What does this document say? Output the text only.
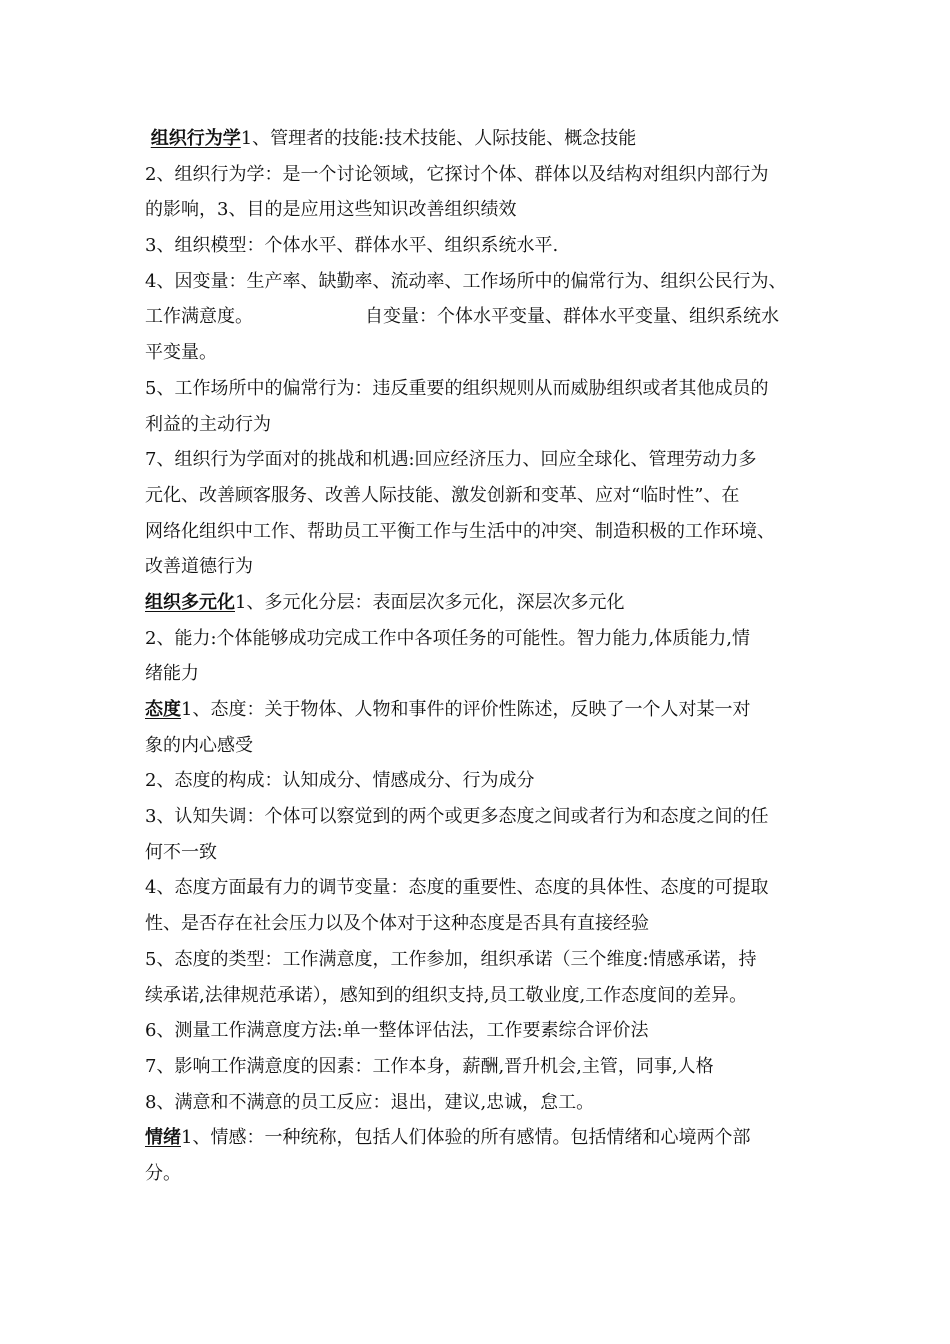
组织行为学1、管理者的技能:技术技能、人际技能、概念技能
2、组织行为学：是一个讨论领域，它探讨个体、群体以及结构对组织内部行为
的影响，3、目的是应用这些知识改善组织绩效
3、组织模型：个体水平、群体水平、组织系统水平.
4、因变量：生产率、缺勤率、流动率、工作场所中的偏常行为、组织公民行为、
工作满意度。	自变量：个体水平变量、群体水平变量、组织系统水
平变量。
5、工作场所中的偏常行为：违反重要的组织规则从而威胁组织或者其他成员的
利益的主动行为
7、组织行为学面对的挑战和机遇:回应经济压力、回应全球化、管理劳动力多
元化、改善顾客服务、改善人际技能、激发创新和变革、应对“临时性”、在
网络化组织中工作、帮助员工平衡工作与生活中的冲突、制造积极的工作环境、
改善道德行为
组织多元化1、多元化分层：表面层次多元化，深层次多元化
2、能力:个体能够成功完成工作中各项任务的可能性。智力能力,体质能力,情
绪能力
态度1、态度：关于物体、人物和事件的评价性陈述，反映了一个人对某一对
象的内心感受
2、态度的构成：认知成分、情感成分、行为成分
3、认知失调：个体可以察觉到的两个或更多态度之间或者行为和态度之间的任
何不一致
4、态度方面最有力的调节变量：态度的重要性、态度的具体性、态度的可提取
性、是否存在社会压力以及个体对于这种态度是否具有直接经验
5、态度的类型：工作满意度，工作参加，组织承诺（三个维度:情感承诺，持
续承诺,法律规范承诺），感知到的组织支持,员工敬业度,工作态度间的差异。
6、测量工作满意度方法:单一整体评估法，工作要素综合评价法
7、影响工作满意度的因素：工作本身，薪酬,晋升机会,主管，同事,人格
8、满意和不满意的员工反应：退出，建议,忠诚，怠工。
情绪1、情感：一种统称，包括人们体验的所有感情。包括情绪和心境两个部
分。
